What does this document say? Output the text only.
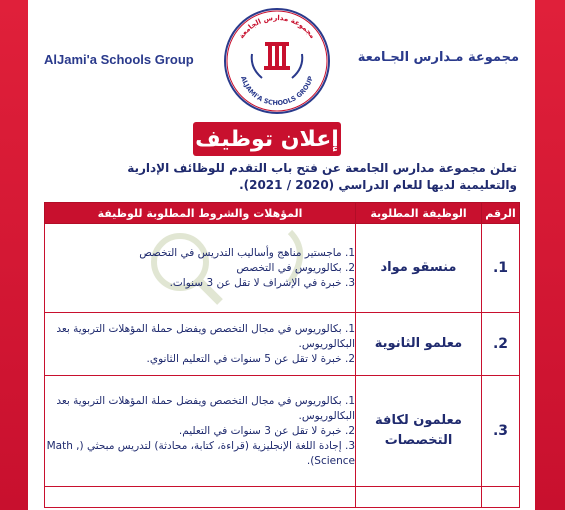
AlJami'a Schools Group	مجموعة مـدارس الجـامعة
مجموعة مدارس الجامعة
ALJAMI'A SCHOOLS GROUP
إعلان توظيف
تعلن مجموعة مدارس الجامعة عن فتح باب التقدم للوظائف الإدارية
والتعليمية لديها للعام الدراسي (2020 / 2021).
الرقم	الوظيفة المطلوبة	المؤهلات والشروط المطلوبة للوظيفة
1.	منسقو مواد	1. ماجستير مناهج وأساليب التدريس في التخصص
2. بكالوريوس في التخصص
3. خبرة في الإشراف لا تقل عن 3 سنوات.

2.	معلمو الثانوية	1. بكالوريوس في مجال التخصص ويفضل حملة المؤهلات التربوية بعد البكالوريوس.
2. خبرة لا تقل عن 5 سنوات في التعليم الثانوي.

3.	معلمون لكافة التخصصات	1. بكالوريوس في مجال التخصص ويفضل حملة المؤهلات التربوية بعد البكالوريوس.
2. خبرة لا تقل عن 3 سنوات في التعليم.
3. إجادة اللغة الإنجليزية (قراءة، كتابة، محادثة) لتدريس مبحثي (Math , Science).
